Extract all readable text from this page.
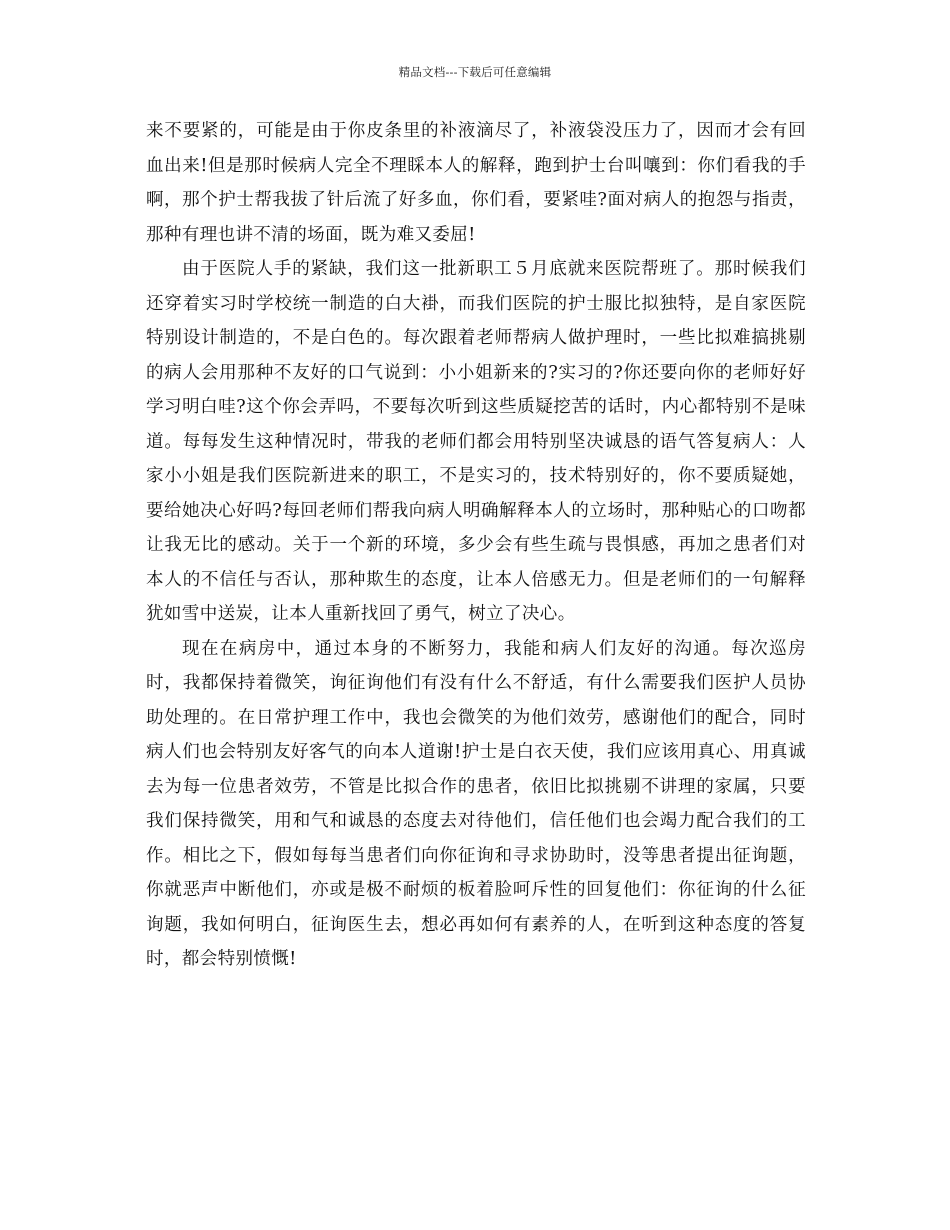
精品文档---下载后可任意编辑

来不要紧的，可能是由于你皮条里的补液滴尽了，补液袋没压力了，因而才会有回血出来!但是那时候病人完全不理睬本人的解释，跑到护士台叫嚷到：你们看我的手啊，那个护士帮我拔了针后流了好多血，你们看，要紧哇?面对病人的抱怨与指责，那种有理也讲不清的场面，既为难又委屈!

由于医院人手的紧缺，我们这一批新职工５月底就来医院帮班了。那时候我们还穿着实习时学校统一制造的白大褂，而我们医院的护士服比拟独特，是自家医院特别设计制造的，不是白色的。每次跟着老师帮病人做护理时，一些比拟难搞挑剔的病人会用那种不友好的口气说到：小小姐新来的?实习的?你还要向你的老师好好学习明白哇?这个你会弄吗，不要每次听到这些质疑挖苦的话时，内心都特别不是味道。每每发生这种情况时，带我的老师们都会用特别坚决诚恳的语气答复病人：人家小小姐是我们医院新进来的职工，不是实习的，技术特别好的，你不要质疑她，要给她决心好吗?每回老师们帮我向病人明确解释本人的立场时，那种贴心的口吻都让我无比的感动。关于一个新的环境，多少会有些生疏与畏惧感，再加之患者们对本人的不信任与否认，那种欺生的态度，让本人倍感无力。但是老师们的一句解释犹如雪中送炭，让本人重新找回了勇气，树立了决心。

现在在病房中，通过本身的不断努力，我能和病人们友好的沟通。每次巡房时，我都保持着微笑，询征询他们有没有什么不舒适，有什么需要我们医护人员协助处理的。在日常护理工作中，我也会微笑的为他们效劳，感谢他们的配合，同时病人们也会特别友好客气的向本人道谢!护士是白衣天使，我们应该用真心、用真诚去为每一位患者效劳，不管是比拟合作的患者，依旧比拟挑剔不讲理的家属，只要我们保持微笑，用和气和诚恳的态度去对待他们，信任他们也会竭力配合我们的工作。相比之下，假如每每当患者们向你征询和寻求协助时，没等患者提出征询题，你就恶声中断他们，亦或是极不耐烦的板着脸呵斥性的回复他们：你征询的什么征询题，我如何明白，征询医生去，想必再如何有素养的人，在听到这种态度的答复时，都会特别愤慨!
